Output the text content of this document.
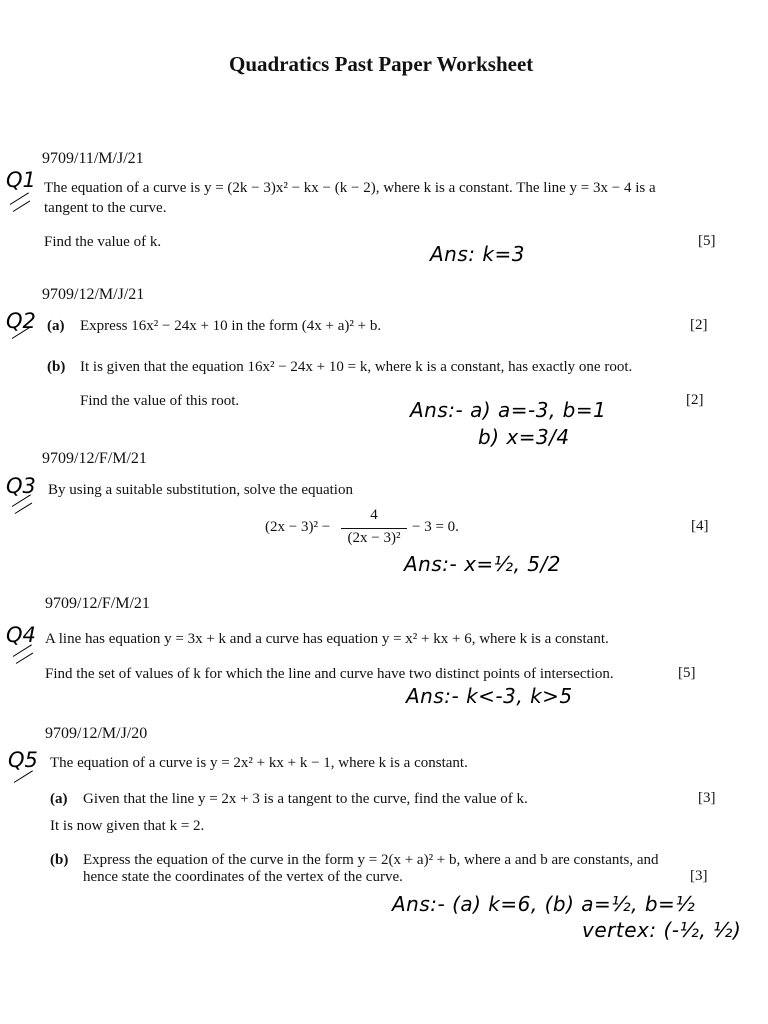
Quadratics Past Paper Worksheet
9709/11/M/J/21
Q1 The equation of a curve is y = (2k − 3)x² − kx − (k − 2), where k is a constant. The line y = 3x − 4 is a
tangent to the curve.
Find the value of k.	[5]
Ans: k=3
9709/12/M/J/21
Q2 (a) Express 16x² − 24x + 10 in the form (4x + a)² + b.	[2]
(b) It is given that the equation 16x² − 24x + 10 = k, where k is a constant, has exactly one root.
Find the value of this root.	[2]
Ans:- a) a=-3, b=1
b) x=3/4
9709/12/F/M/21
Q3 By using a suitable substitution, solve the equation
(2x − 3)² −
4
(2x − 3)²
− 3 = 0.	[4]
Ans:- x=½, 5/2
9709/12/F/M/21
Q4 A line has equation y = 3x + k and a curve has equation y = x² + kx + 6, where k is a constant.
Find the set of values of k for which the line and curve have two distinct points of intersection.	[5]
Ans:- k<-3, k>5
9709/12/M/J/20
Q5 The equation of a curve is y = 2x² + kx + k − 1, where k is a constant.
(a) Given that the line y = 2x + 3 is a tangent to the curve, find the value of k.	[3]
It is now given that k = 2.
(b) Express the equation of the curve in the form y = 2(x + a)² + b, where a and b are constants, and
hence state the coordinates of the vertex of the curve.	[3]
Ans:- (a) k=6, (b) a=½, b=½
vertex: (-½, ½)
